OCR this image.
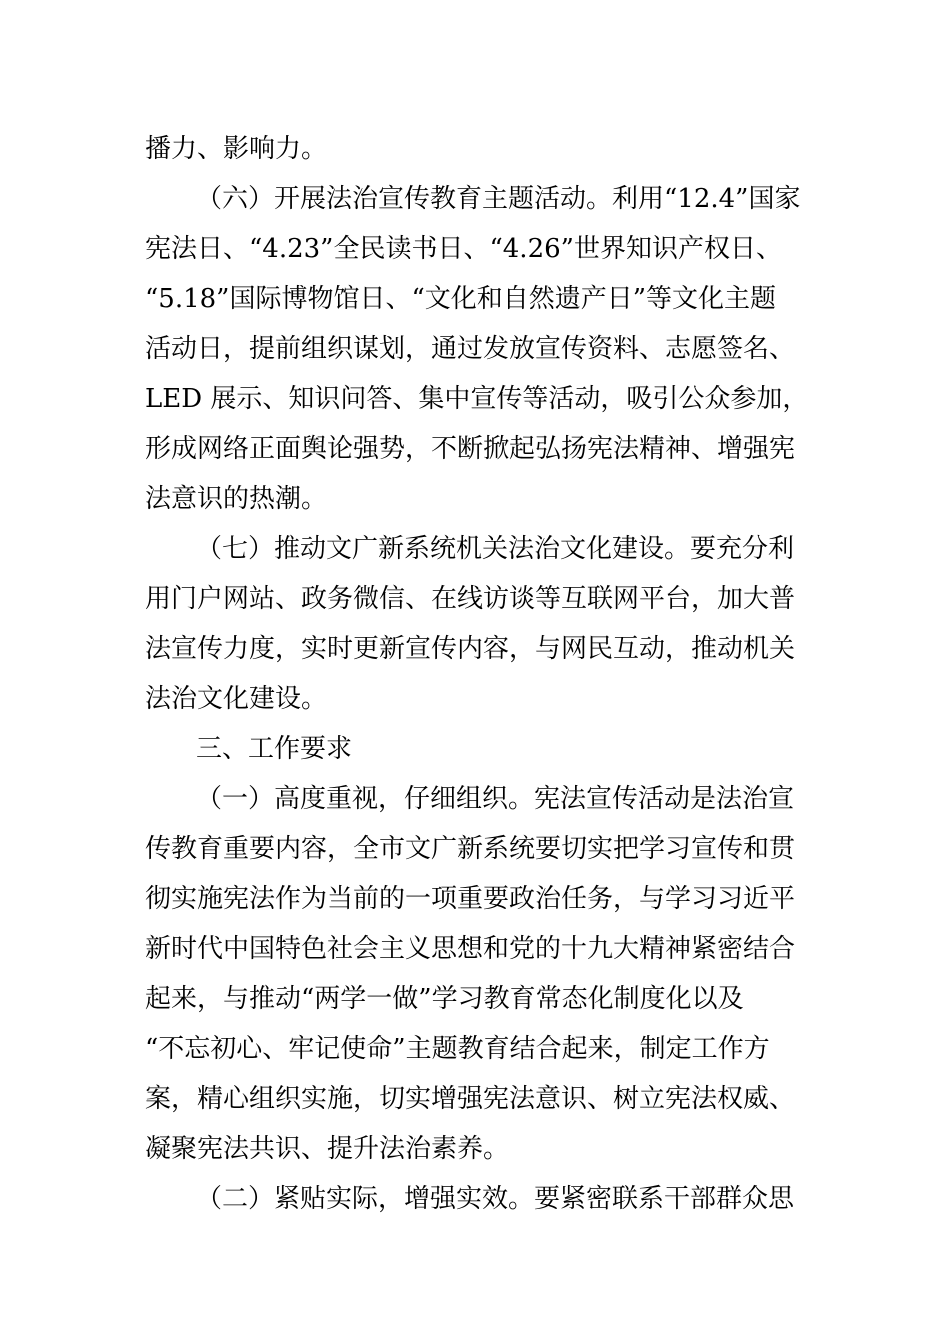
播力、影响力。
（六）开展法治宣传教育主题活动。利用“12.4”国家
宪法日、“4.23”全民读书日、“4.26”世界知识产权日、
“5.18”国际博物馆日、“文化和自然遗产日”等文化主题
活动日，提前组织谋划，通过发放宣传资料、志愿签名、
LED 展示、知识问答、集中宣传等活动，吸引公众参加，
形成网络正面舆论强势，不断掀起弘扬宪法精神、增强宪
法意识的热潮。
（七）推动文广新系统机关法治文化建设。要充分利
用门户网站、政务微信、在线访谈等互联网平台，加大普
法宣传力度，实时更新宣传内容，与网民互动，推动机关
法治文化建设。
三、工作要求
（一）高度重视，仔细组织。宪法宣传活动是法治宣
传教育重要内容，全市文广新系统要切实把学习宣传和贯
彻实施宪法作为当前的一项重要政治任务，与学习习近平
新时代中国特色社会主义思想和党的十九大精神紧密结合
起来，与推动“两学一做”学习教育常态化制度化以及
“不忘初心、牢记使命”主题教育结合起来，制定工作方
案，精心组织实施，切实增强宪法意识、树立宪法权威、
凝聚宪法共识、提升法治素养。
（二）紧贴实际，增强实效。要紧密联系干部群众思
